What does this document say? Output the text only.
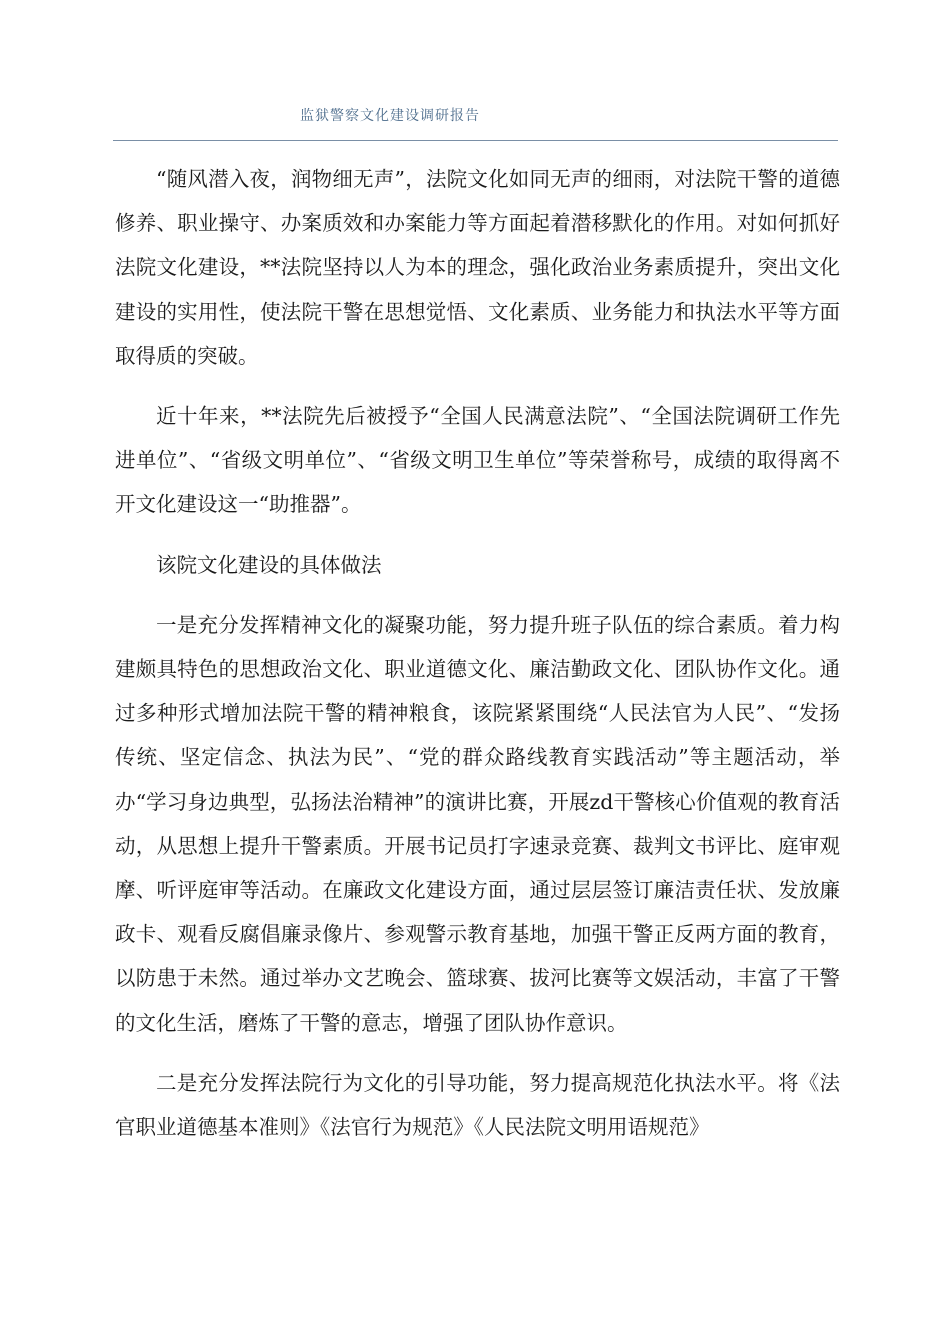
监狱警察文化建设调研报告

“随风潜入夜，润物细无声”，法院文化如同无声的细雨，对法院干警的道德修养、职业操守、办案质效和办案能力等方面起着潜移默化的作用。对如何抓好法院文化建设，**法院坚持以人为本的理念，强化政治业务素质提升，突出文化建设的实用性，使法院干警在思想觉悟、文化素质、业务能力和执法水平等方面取得质的突破。

近十年来，**法院先后被授予“全国人民满意法院”、“全国法院调研工作先进单位”、“省级文明单位”、“省级文明卫生单位”等荣誉称号，成绩的取得离不开文化建设这一“助推器”。

该院文化建设的具体做法

一是充分发挥精神文化的凝聚功能，努力提升班子队伍的综合素质。着力构建颇具特色的思想政治文化、职业道德文化、廉洁勤政文化、团队协作文化。通过多种形式增加法院干警的精神粮食，该院紧紧围绕“人民法官为人民”、“发扬传统、坚定信念、执法为民”、“党的群众路线教育实践活动”等主题活动，举办“学习身边典型，弘扬法治精神”的演讲比赛，开展zd干警核心价值观的教育活动，从思想上提升干警素质。开展书记员打字速录竞赛、裁判文书评比、庭审观摩、听评庭审等活动。在廉政文化建设方面，通过层层签订廉洁责任状、发放廉政卡、观看反腐倡廉录像片、参观警示教育基地，加强干警正反两方面的教育，以防患于未然。通过举办文艺晚会、篮球赛、拔河比赛等文娱活动，丰富了干警的文化生活，磨炼了干警的意志，增强了团队协作意识。

二是充分发挥法院行为文化的引导功能，努力提高规范化执法水平。将《法官职业道德基本准则》《法官行为规范》《人民法院文明用语规范》
